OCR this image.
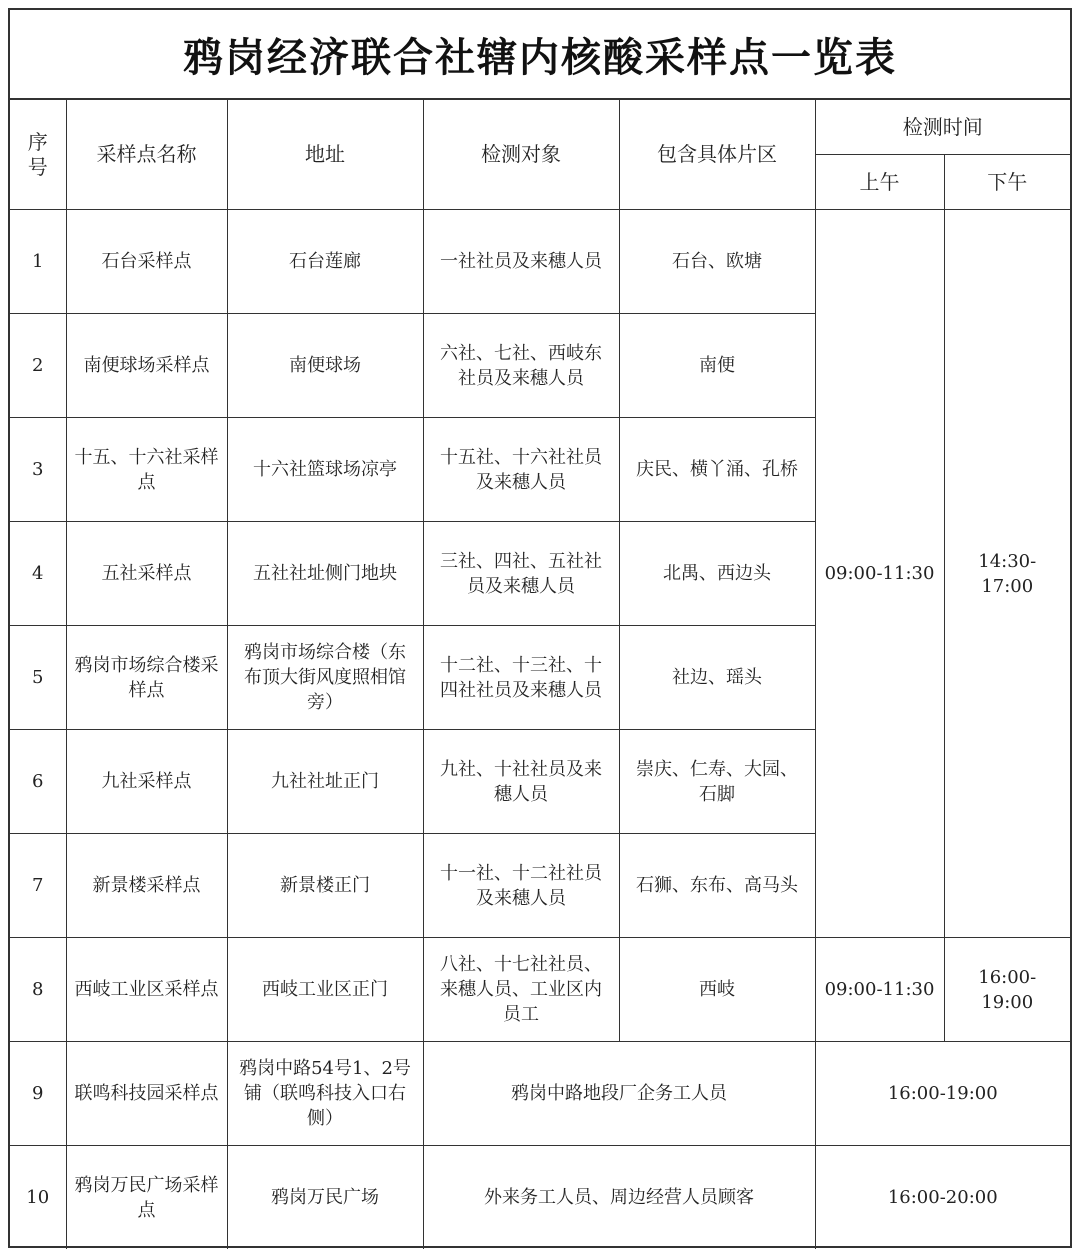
鸦岗经济联合社辖内核酸采样点一览表
序号	采样点名称	地址	检测对象	包含具体片区	检测时间	
					上午	下午
1	石台采样点	石台莲廊	一社社员及来穗人员	石台、欧塘	09:00-11:30	14:30-17:00
2	南便球场采样点	南便球场	六社、七社、西岐东社员及来穗人员	南便		
3	十五、十六社采样点	十六社篮球场凉亭	十五社、十六社社员及来穗人员	庆民、横丫涌、孔桥		
4	五社采样点	五社社址侧门地块	三社、四社、五社社员及来穗人员	北禺、西边头		
5	鸦岗市场综合楼采样点	鸦岗市场综合楼（东布顶大街风度照相馆旁）	十二社、十三社、十四社社员及来穗人员	社边、瑶头		
6	九社采样点	九社社址正门	九社、十社社员及来穗人员	崇庆、仁寿、大园、石脚		
7	新景楼采样点	新景楼正门	十一社、十二社社员及来穗人员	石狮、东布、高马头		
8	西岐工业区采样点	西岐工业区正门	八社、十七社社员、来穗人员、工业区内员工	西岐	09:00-11:30	16:00-19:00
9	联鸣科技园采样点	鸦岗中路54号1、2号铺（联鸣科技入口右侧）	鸦岗中路地段厂企务工人员		16:00-19:00	
10	鸦岗万民广场采样点	鸦岗万民广场	外来务工人员、周边经营人员顾客		16:00-20:00	
